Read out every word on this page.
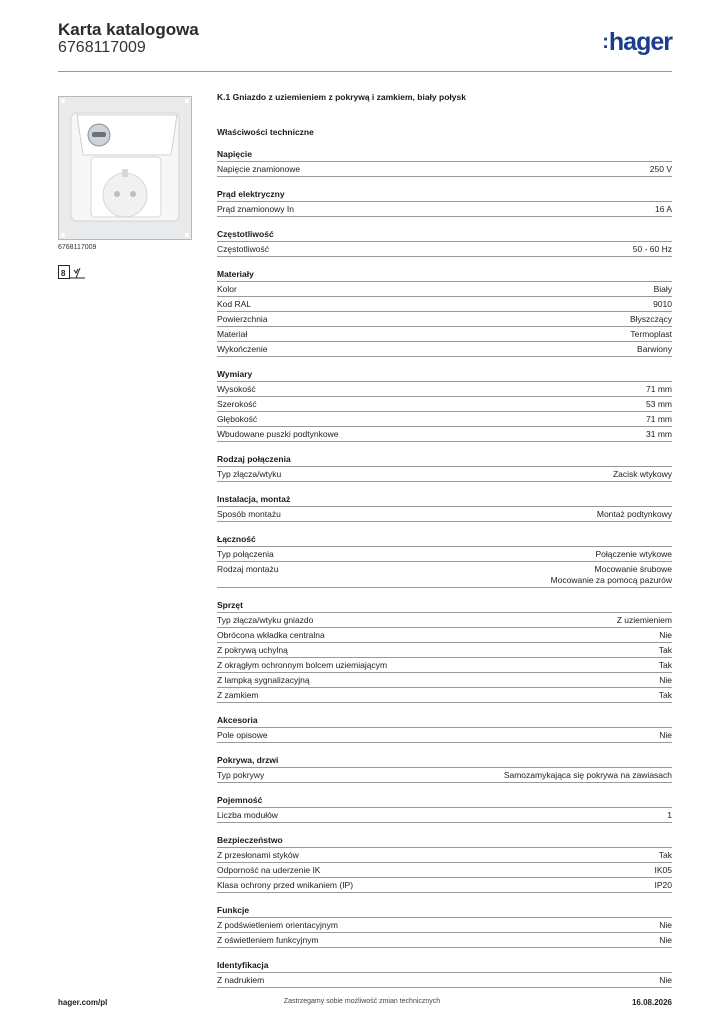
Karta katalogowa
6768117009	:hager
6768117009
8
K.1 Gniazdo z uziemieniem z pokrywą i zamkiem, biały połysk
Właściwości techniczne
Napięcie
Napięcie znamionowe	250 V
Prąd elektryczny
Prąd znamionowy In	16 A
Częstotliwość
Częstotliwość	50 - 60 Hz
Materiały
Kolor	Biały
Kod RAL	9010
Powierzchnia	Błyszczący
Materiał	Termoplast
Wykończenie	Barwiony
Wymiary
Wysokość	71 mm
Szerokość	53 mm
Głębokość	71 mm
Wbudowane puszki podtynkowe	31 mm
Rodzaj połączenia
Typ złącza/wtyku	Zacisk wtykowy
Instalacja, montaż
Sposób montażu	Montaż podtynkowy
Łączność
Typ połączenia	Połączenie wtykowe
Rodzaj montażu	Mocowanie śrubowe
Mocowanie za pomocą pazurów
Sprzęt
Typ złącza/wtyku gniazdo	Z uziemieniem
Obrócona wkładka centralna	Nie
Z pokrywą uchylną	Tak
Z okrągłym ochronnym bolcem uziemiającym	Tak
Z lampką sygnalizacyjną	Nie
Z zamkiem	Tak
Akcesoria
Pole opisowe	Nie
Pokrywa, drzwi
Typ pokrywy	Samozamykająca się pokrywa na zawiasach
Pojemność
Liczba modułów	1
Bezpieczeństwo
Z przesłonami styków	Tak
Odporność na uderzenie IK	IK05
Klasa ochrony przed wnikaniem (IP)	IP20
Funkcje
Z podświetleniem orientacyjnym	Nie
Z oświetleniem funkcyjnym	Nie
Identyfikacja
Z nadrukiem	Nie
hager.com/pl	Zastrzegamy sobie możliwość zmian technicznych	16.08.2026
